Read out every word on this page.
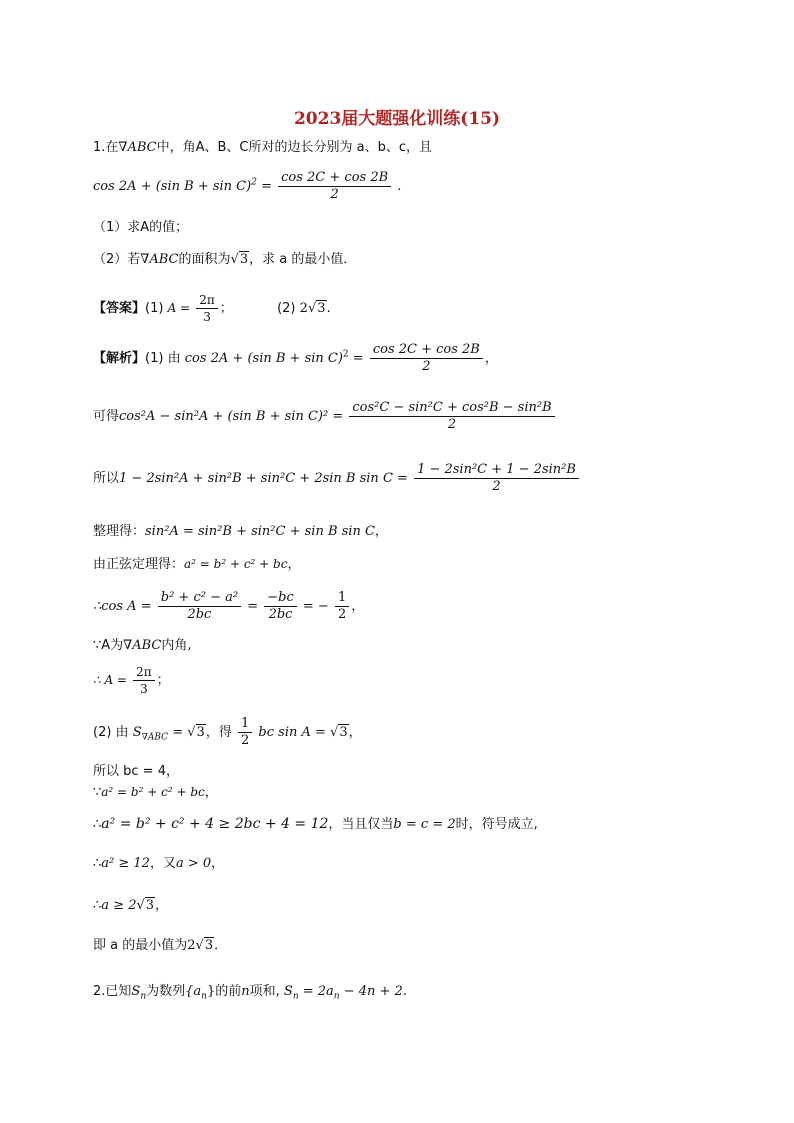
2023届大题强化训练(15)
1.在∇ABC中，角A、B、C所对的边长分别为 a、b、c，且
cos 2A + (sin $B + \sin C)^2 = \frac{\cos 2C + \cos 2B}{2}$ .
（1）求A的值；
（2）若∇ABC的面积为√3，求 a 的最小值．
【答案】(1) $A = \frac{2\pi}{3}$ ；	(2) 2√3.
【解析】(1) 由 cos 2A + (sin $B + \sin C)^2 = \frac{\cos 2C + \cos 2B}{2}$ ，
可得cos²A − sin²A + (sin $B + \sin C)^2 = \frac{\text{cos²C − sin²C + cos²B − sin²B}}{2}$
所以1 − 2sin²A + sin²B + sin²C + 2sin B $\sin C = \frac{\text{1 − 2sin²C + 1 − 2sin²B}}{2}$
整理得：sin²A = sin²B + sin²C + sin B sin C，
由正弦定理得：a² = b² + c² + bc，
∴cos $A = \frac{\text{b² + c² − a²}}{2bc} = \frac{-bc}{2bc}$ = − $\frac{1}{2}$ ，
∵A为∇ABC内角,
∴ $A = \frac{2\pi}{3}$ ；
(2) 由 $S_{\nabla ABC} = √3$，得 $\frac{1}{2}$ bc sin A = √3，
所以 bc = 4，
∵a² = b² + c² + bc，
∴a² = b² + c² + 4 ≥ 2bc + 4 = 12，当且仅当b = c = 2时，符号成立,
∴a² ≥ 12，又a > 0，
∴a ≥ 2√3，
即 a 的最小值为2√3．
2.已知$S_n$为数列$\{a_n\}$的前n项和, $S_n = 2a_n - 4n + 2$.
